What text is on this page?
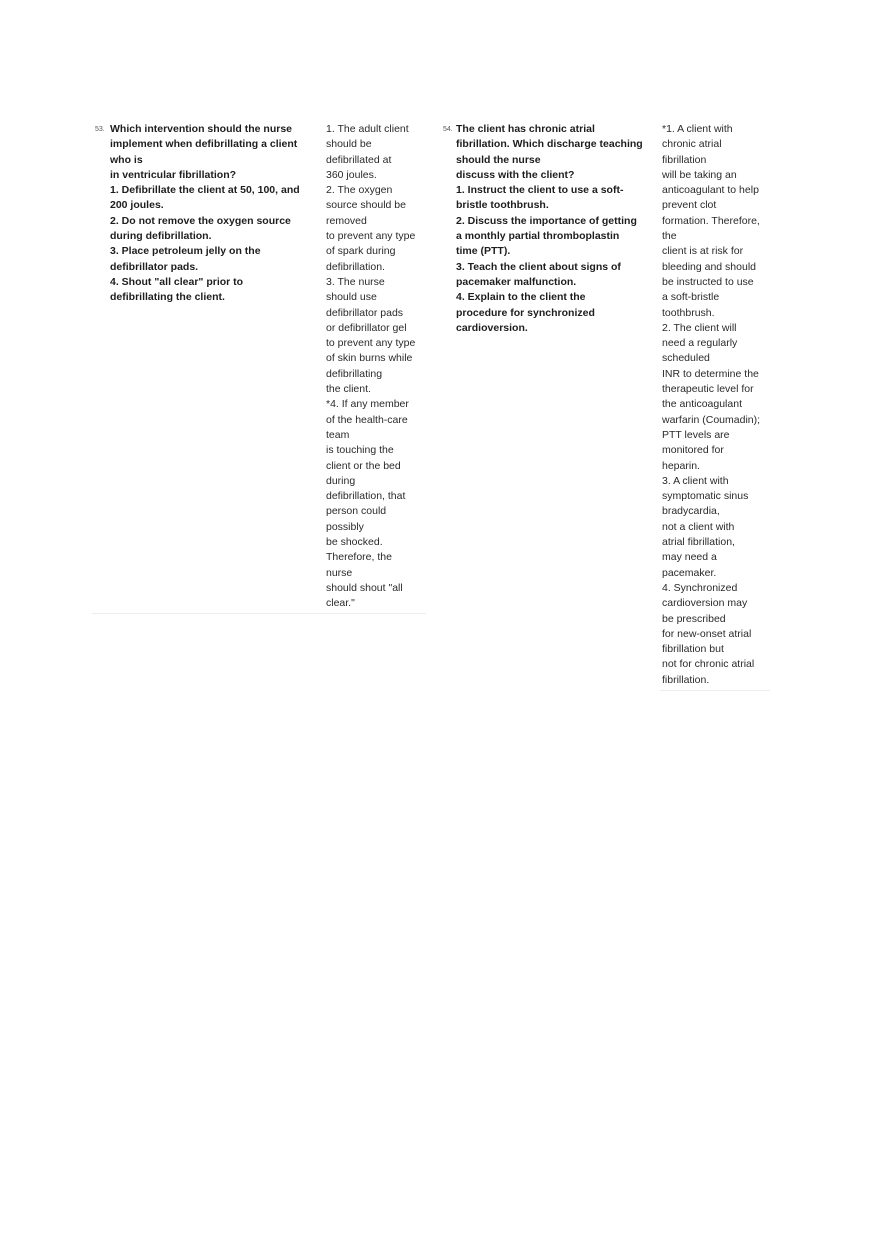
53. Which intervention should the nurse
implement when defibrillating a client
who is
in ventricular fibrillation?
1. Defibrillate the client at 50, 100, and
200 joules.
2. Do not remove the oxygen source
during defibrillation.
3. Place petroleum jelly on the
defibrillator pads.
4. Shout "all clear" prior to
defibrillating the client.
1. The adult client
should be
defibrillated at
360 joules.
2. The oxygen
source should be
removed
to prevent any type
of spark during
defibrillation.
3. The nurse
should use
defibrillator pads
or defibrillator gel
to prevent any type
of skin burns while
defibrillating
the client.
*4. If any member
of the health-care
team
is touching the
client or the bed
during
defibrillation, that
person could
possibly
be shocked.
Therefore, the
nurse
should shout "all
clear."
54. The client has chronic atrial
fibrillation. Which discharge teaching
should the nurse
discuss with the client?
1. Instruct the client to use a soft-
bristle toothbrush.
2. Discuss the importance of getting
a monthly partial thromboplastin
time (PTT).
3. Teach the client about signs of
pacemaker malfunction.
4. Explain to the client the
procedure for synchronized
cardioversion.
*1. A client with
chronic atrial
fibrillation
will be taking an
anticoagulant to help
prevent clot
formation. Therefore,
the
client is at risk for
bleeding and should
be instructed to use
a soft-bristle
toothbrush.
2. The client will
need a regularly
scheduled
INR to determine the
therapeutic level for
the anticoagulant
warfarin (Coumadin);
PTT levels are
monitored for
heparin.
3. A client with
symptomatic sinus
bradycardia,
not a client with
atrial fibrillation,
may need a
pacemaker.
4. Synchronized
cardioversion may
be prescribed
for new-onset atrial
fibrillation but
not for chronic atrial
fibrillation.
